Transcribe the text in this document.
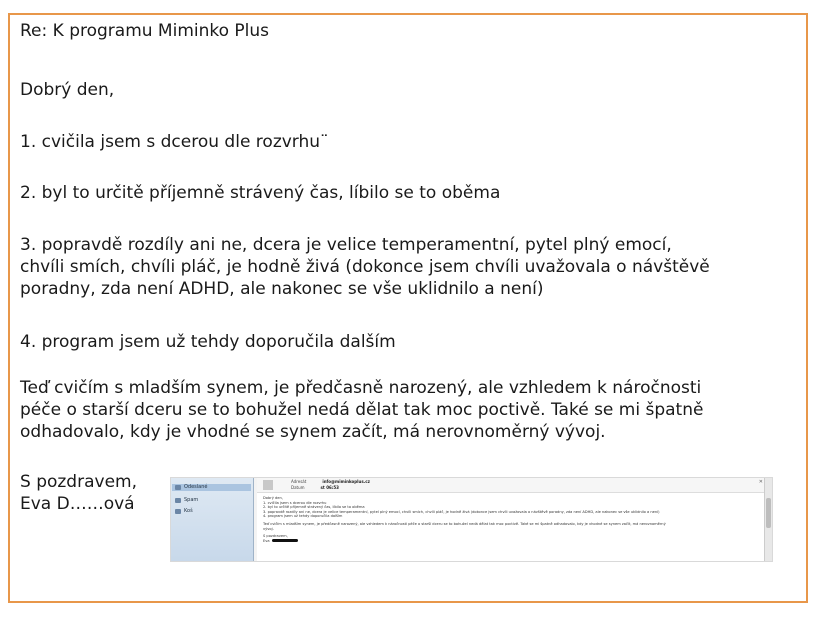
Re: K programu Miminko Plus
Dobrý den,
1. cvičila jsem s dcerou dle rozvrhu¨
2. byl to určitě příjemně strávený čas, líbilo se to oběma
3. popravdě rozdíly ani ne, dcera je velice temperamentní, pytel plný emocí,
chvíli smích, chvíli pláč, je hodně živá (dokonce jsem chvíli uvažovala o návštěvě
poradny, zda není ADHD, ale nakonec se vše uklidnilo a není)
4. program jsem už tehdy doporučila dalším
Teď cvičím s mladším synem, je předčasně narozený, ale vzhledem k náročnosti
péče o starší dceru se to bohužel nedá dělat tak moc poctivě. Také se mi špatně
odhadovalo, kdy je vhodné se synem začít, má nerovnoměrný vývoj.
S pozdravem,
Eva D……ová
Odeslané
Spam
Koš
Adresát	info@miminkoplus.cz
Datum	st 06:53
✕
Dobrý den,
1. cvičila jsem s dcerou dle rozvrhu
2. byl to určitě příjemně strávený čas, líbilo se to oběma
3. popravdě rozdíly ani ne, dcera je velice temperamentní, pytel plný emocí, chvíli smích, chvíli pláč, je hodně živá (dokonce jsem chvíli uvažovala o návštěvě poradny, zda není ADHD, ale nakonec se vše uklidnilo a není)
4. program jsem už tehdy doporučila dalším
Teď cvičím s mladším synem, je předčasně narozený, ale vzhledem k náročnosti péče o starší dceru se to bohužel nedá dělat tak moc poctivě. Také se mi špatně odhadovalo, kdy je vhodné se synem začít, má nerovnoměrný
vývoj.
S pozdravem,
Eva
